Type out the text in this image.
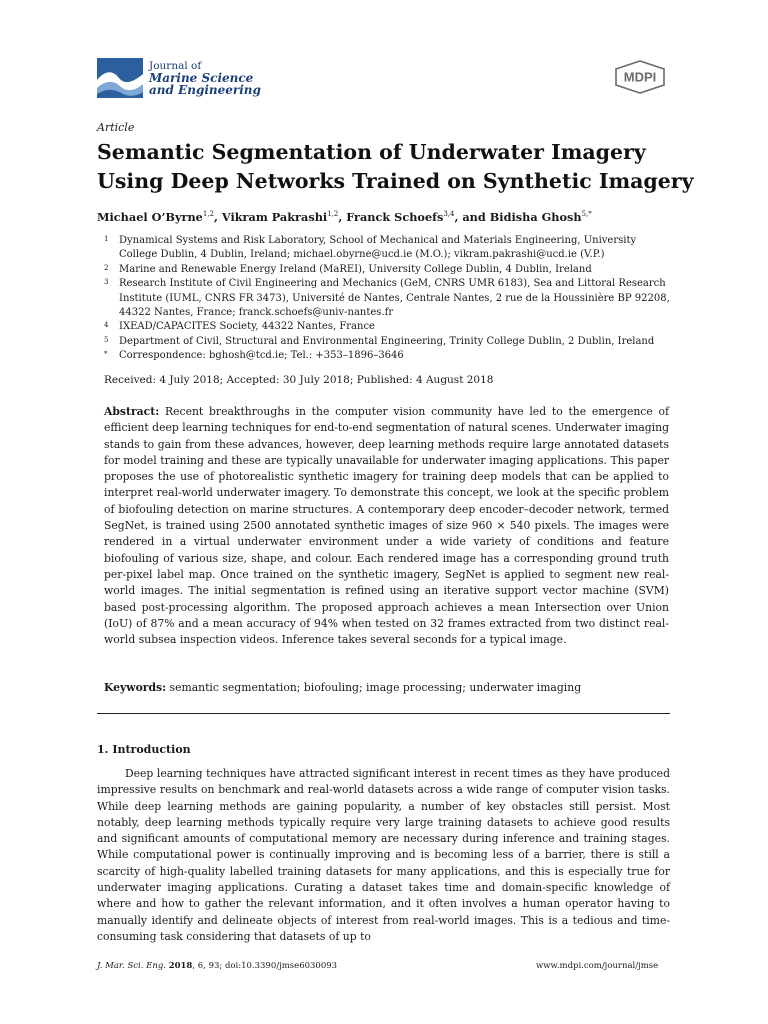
Journal of
Marine Science
and Engineering
MDPI
Article
Semantic Segmentation of Underwater Imagery
Using Deep Networks Trained on Synthetic Imagery
Michael O’Byrne$^{1,2}$, Vikram Pakrashi$^{1,2}$, Franck Schoefs$^{3,4}$, and Bidisha Ghosh$^{5,*}$
1 Dynamical Systems and Risk Laboratory, School of Mechanical and Materials Engineering, University College Dublin, 4 Dublin, Ireland; michael.obyrne@ucd.ie (M.O.); vikram.pakrashi@ucd.ie (V.P.)
2 Marine and Renewable Energy Ireland (MaREI), University College Dublin, 4 Dublin, Ireland
3 Research Institute of Civil Engineering and Mechanics (GeM, CNRS UMR 6183), Sea and Littoral Research Institute (IUML, CNRS FR 3473), Université de Nantes, Centrale Nantes, 2 rue de la Houssinière BP 92208, 44322 Nantes, France; franck.schoefs@univ-nantes.fr
4 IXEAD/CAPACITES Society, 44322 Nantes, France
5 Department of Civil, Structural and Environmental Engineering, Trinity College Dublin, 2 Dublin, Ireland
* Correspondence: bghosh@tcd.ie; Tel.: +353–1896–3646
Received: 4 July 2018; Accepted: 30 July 2018; Published: 4 August 2018
Abstract: Recent breakthroughs in the computer vision community have led to the emergence of efficient deep learning techniques for end-to-end segmentation of natural scenes. Underwater imaging stands to gain from these advances, however, deep learning methods require large annotated datasets for model training and these are typically unavailable for underwater imaging applications. This paper proposes the use of photorealistic synthetic imagery for training deep models that can be applied to interpret real-world underwater imagery. To demonstrate this concept, we look at the specific problem of biofouling detection on marine structures. A contemporary deep encoder–decoder network, termed SegNet, is trained using 2500 annotated synthetic images of size 960 × 540 pixels. The images were rendered in a virtual underwater environment under a wide variety of conditions and feature biofouling of various size, shape, and colour. Each rendered image has a corresponding ground truth per-pixel label map. Once trained on the synthetic imagery, SegNet is applied to segment new real-world images. The initial segmentation is refined using an iterative support vector machine (SVM) based post-processing algorithm. The proposed approach achieves a mean Intersection over Union (IoU) of 87% and a mean accuracy of 94% when tested on 32 frames extracted from two distinct real-world subsea inspection videos. Inference takes several seconds for a typical image.
Keywords: semantic segmentation; biofouling; image processing; underwater imaging
1. Introduction
Deep learning techniques have attracted significant interest in recent times as they have produced impressive results on benchmark and real-world datasets across a wide range of computer vision tasks. While deep learning methods are gaining popularity, a number of key obstacles still persist. Most notably, deep learning methods typically require very large training datasets to achieve good results and significant amounts of computational memory are necessary during inference and training stages. While computational power is continually improving and is becoming less of a barrier, there is still a scarcity of high-quality labelled training datasets for many applications, and this is especially true for underwater imaging applications. Curating a dataset takes time and domain-specific knowledge of where and how to gather the relevant information, and it often involves a human operator having to manually identify and delineate objects of interest from real-world images. This is a tedious and time-consuming task considering that datasets of up to
J. Mar. Sci. Eng. 2018, 6, 93; doi:10.3390/jmse6030093	www.mdpi.com/journal/jmse
